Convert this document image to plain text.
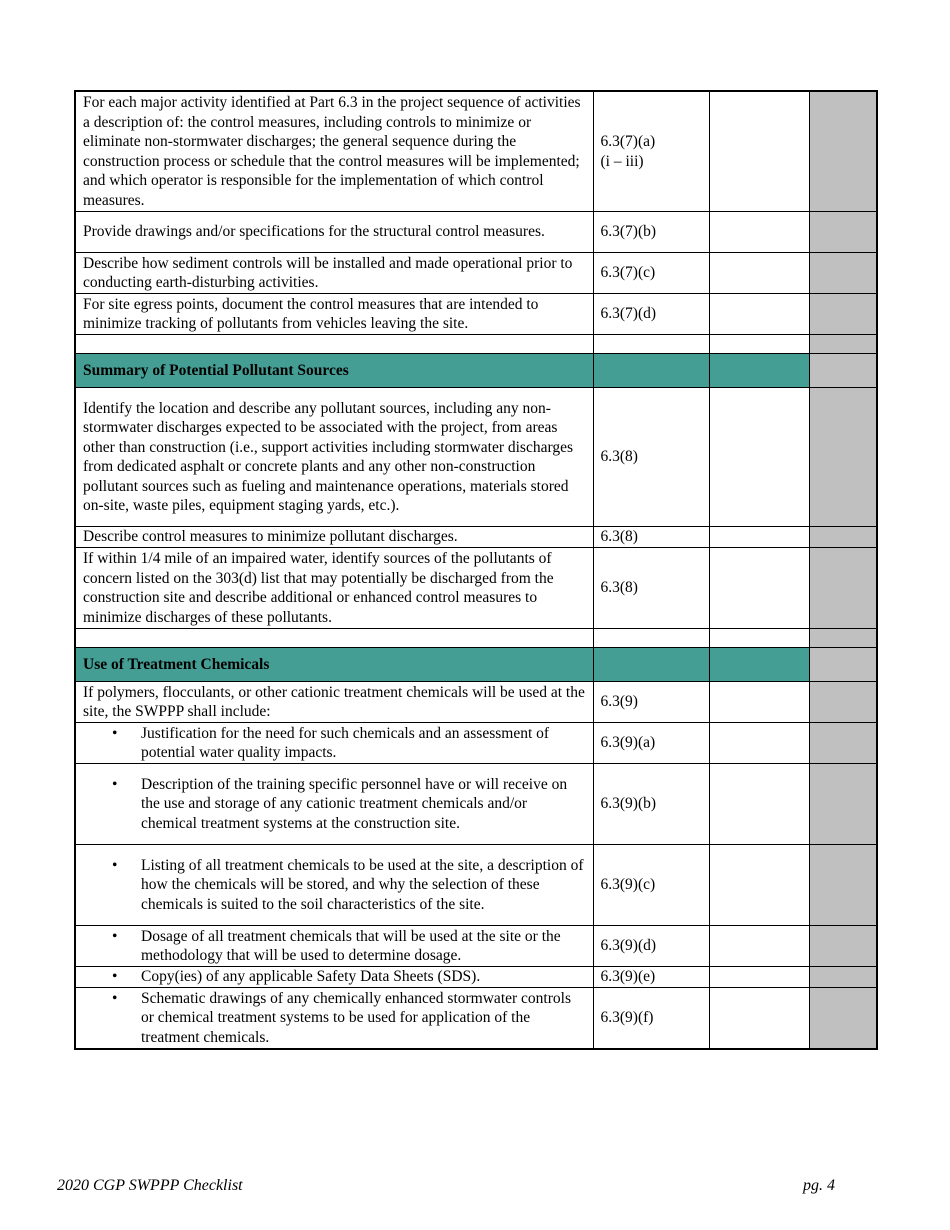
For each major activity identified at Part 6.3 in the project sequence of activities a description of: the control measures, including controls to minimize or eliminate non-stormwater discharges; the general sequence during the construction process or schedule that the control measures will be implemented; and which operator is responsible for the implementation of which control measures.	6.3(7)(a)
(i – iii)		
Provide drawings and/or specifications for the structural control measures.	6.3(7)(b)		
Describe how sediment controls will be installed and made operational prior to conducting earth-disturbing activities.	6.3(7)(c)		
For site egress points, document the control measures that are intended to minimize tracking of pollutants from vehicles leaving the site.	6.3(7)(d)		

Summary of Potential Pollutant Sources			
Identify the location and describe any pollutant sources, including any non-stormwater discharges expected to be associated with the project, from areas other than construction (i.e., support activities including stormwater discharges from dedicated asphalt or concrete plants and any other non-construction pollutant sources such as fueling and maintenance operations, materials stored on-site, waste piles, equipment staging yards, etc.).	6.3(8)		
Describe control measures to minimize pollutant discharges.	6.3(8)		
If within 1/4 mile of an impaired water, identify sources of the pollutants of concern listed on the 303(d) list that may potentially be discharged from the construction site and describe additional or enhanced control measures to minimize discharges of these pollutants.	6.3(8)		

Use of Treatment Chemicals			
If polymers, flocculants, or other cationic treatment chemicals will be used at the site, the SWPPP shall include:	6.3(9)		

• Justification for the need for such chemicals and an assessment of potential water quality impacts.	6.3(9)(a)		

• Description of the training specific personnel have or will receive on the use and storage of any cationic treatment chemicals and/or chemical treatment systems at the construction site.	6.3(9)(b)		

• Listing of all treatment chemicals to be used at the site, a description of how the chemicals will be stored, and why the selection of these chemicals is suited to the soil characteristics of the site.	6.3(9)(c)		

• Dosage of all treatment chemicals that will be used at the site or the methodology that will be used to determine dosage.	6.3(9)(d)		

• Copy(ies) of any applicable Safety Data Sheets (SDS).	6.3(9)(e)		

• Schematic drawings of any chemically enhanced stormwater controls or chemical treatment systems to be used for application of the treatment chemicals.	6.3(9)(f)		
2020 CGP SWPPP Checklist	pg. 4
